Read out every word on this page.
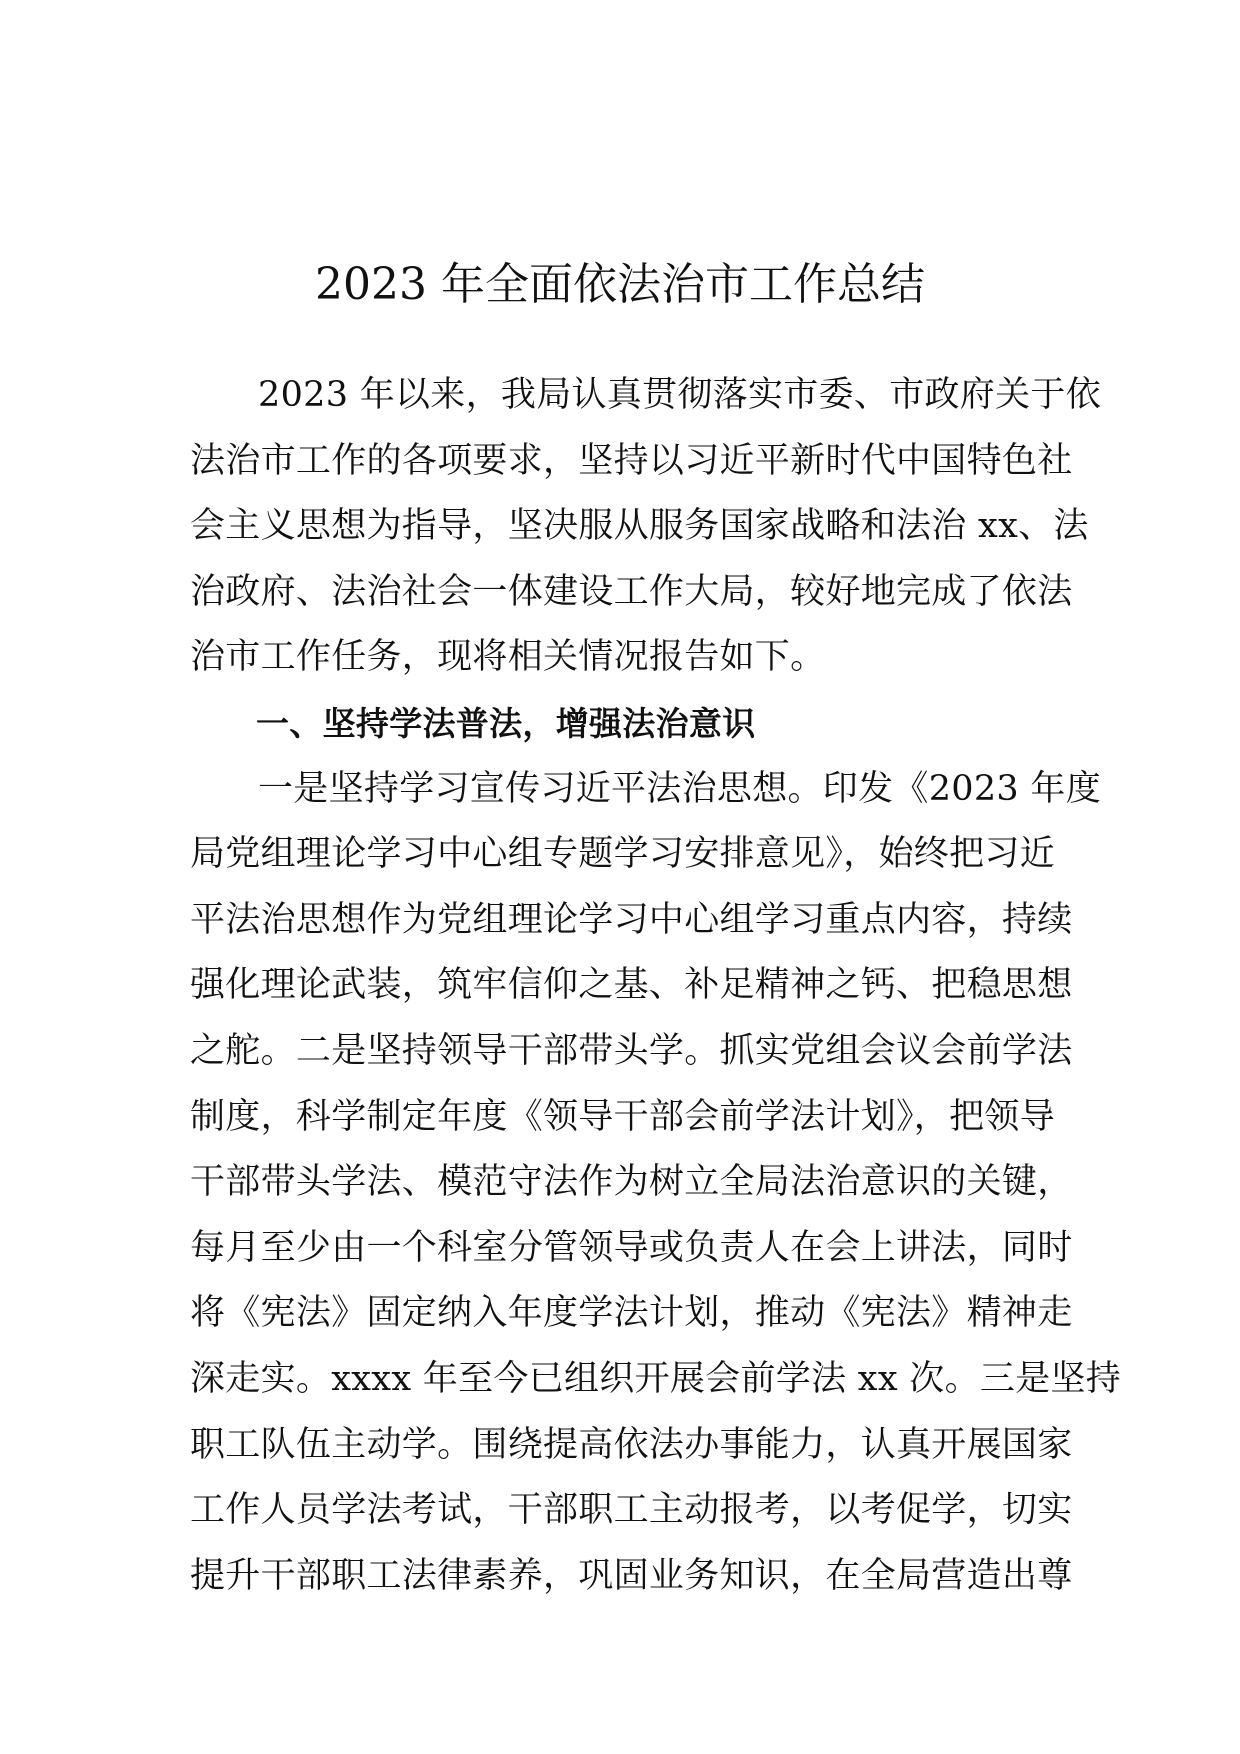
2023 年全面依法治市工作总结
2023 年以来，我局认真贯彻落实市委、市政府关于依
法治市工作的各项要求，坚持以习近平新时代中国特色社
会主义思想为指导，坚决服从服务国家战略和法治 xx、法
治政府、法治社会一体建设工作大局，较好地完成了依法
治市工作任务，现将相关情况报告如下。
一、坚持学法普法，增强法治意识
一是坚持学习宣传习近平法治思想。印发《2023 年度
局党组理论学习中心组专题学习安排意见》，始终把习近
平法治思想作为党组理论学习中心组学习重点内容，持续
强化理论武装，筑牢信仰之基、补足精神之钙、把稳思想
之舵。二是坚持领导干部带头学。抓实党组会议会前学法
制度，科学制定年度《领导干部会前学法计划》，把领导
干部带头学法、模范守法作为树立全局法治意识的关键，
每月至少由一个科室分管领导或负责人在会上讲法，同时
将《宪法》固定纳入年度学法计划，推动《宪法》精神走
深走实。xxxx 年至今已组织开展会前学法 xx 次。三是坚持
职工队伍主动学。围绕提高依法办事能力，认真开展国家
工作人员学法考试，干部职工主动报考，以考促学，切实
提升干部职工法律素养，巩固业务知识，在全局营造出尊
